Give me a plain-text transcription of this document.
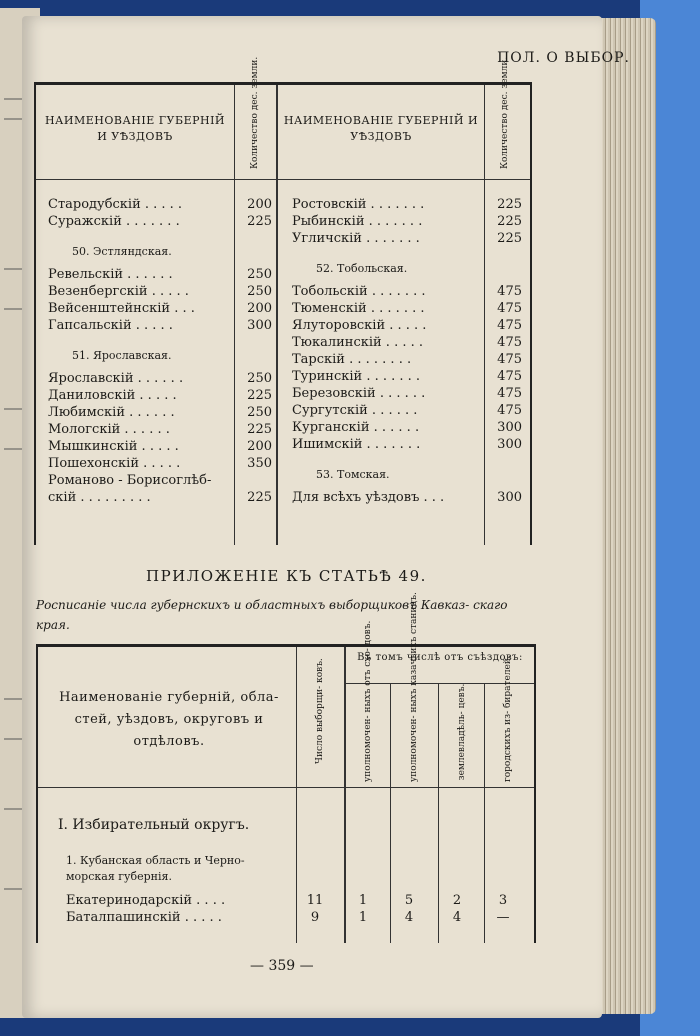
ПОЛ. О ВЫБОР.
НАИМЕНОВАНІЕ ГУБЕРНІЙ И УѢЗДОВЪ
НАИМЕНОВАНІЕ ГУБЕРНІЙ И УѢЗДОВЪ
Количество дес. земли.	Количество дес. земли.
Стародубскій . . . . .	200
Суражскій . . . . . . .	225
50. Эстляндская.
Ревельскій . . . . . .	250
Везенбергскій . . . . .	250
Вейсенштейнскій . . .	200
Гапсальскій . . . . .	300
51. Ярославская.
Ярославскій . . . . . .	250
Даниловскій . . . . .	225
Любимскій . . . . . .	250
Мологскій . . . . . .	225
Мышкинскій . . . . .	200
Пошехонскій . . . . .	350
Романово - Борисоглѣб-
скій . . . . . . . . .	225
Ростовскій . . . . . . .	225
Рыбинскій . . . . . . .	225
Угличскій . . . . . . .	225
52. Тобольская.
Тобольскій . . . . . . .	475
Тюменскій . . . . . . .	475
Ялуторовскій . . . . .	475
Тюкалинскій . . . . .	475
Тарскій . . . . . . . .	475
Туринскій . . . . . . .	475
Березовскій . . . . . .	475
Сургутскій . . . . . .	475
Курганскій . . . . . .	300
Ишимскій . . . . . . .	300
53. Томская.
Для всѣхъ уѣздовъ . . .	300
ПРИЛОЖЕНІЕ КЪ СТАТЬѢ 49.
Росписаніе числа губернскихъ и областныхъ выборщиковъ Кавказ- скаго края.
Наименованіе губерній, обла- стей, уѣздовъ, округовъ и отдѣловъ.	Число выборщи- ковъ.
Въ томъ числѣ отъ съѣздовъ:
уполномочен- ныхъ отъ схо- довъ.	уполномочен- ныхъ казачьихъ станицъ.	землевладѣль- цевъ.	городскихъ из- бирателей.
I. Избирательный округъ.
1. Кубанская область и Черно- морская губернія.
Екатеринодарскій . . . .	11	1	5	2	3
Баталпашинскій . . . . .	9	1	4	4	—
— 359 —
